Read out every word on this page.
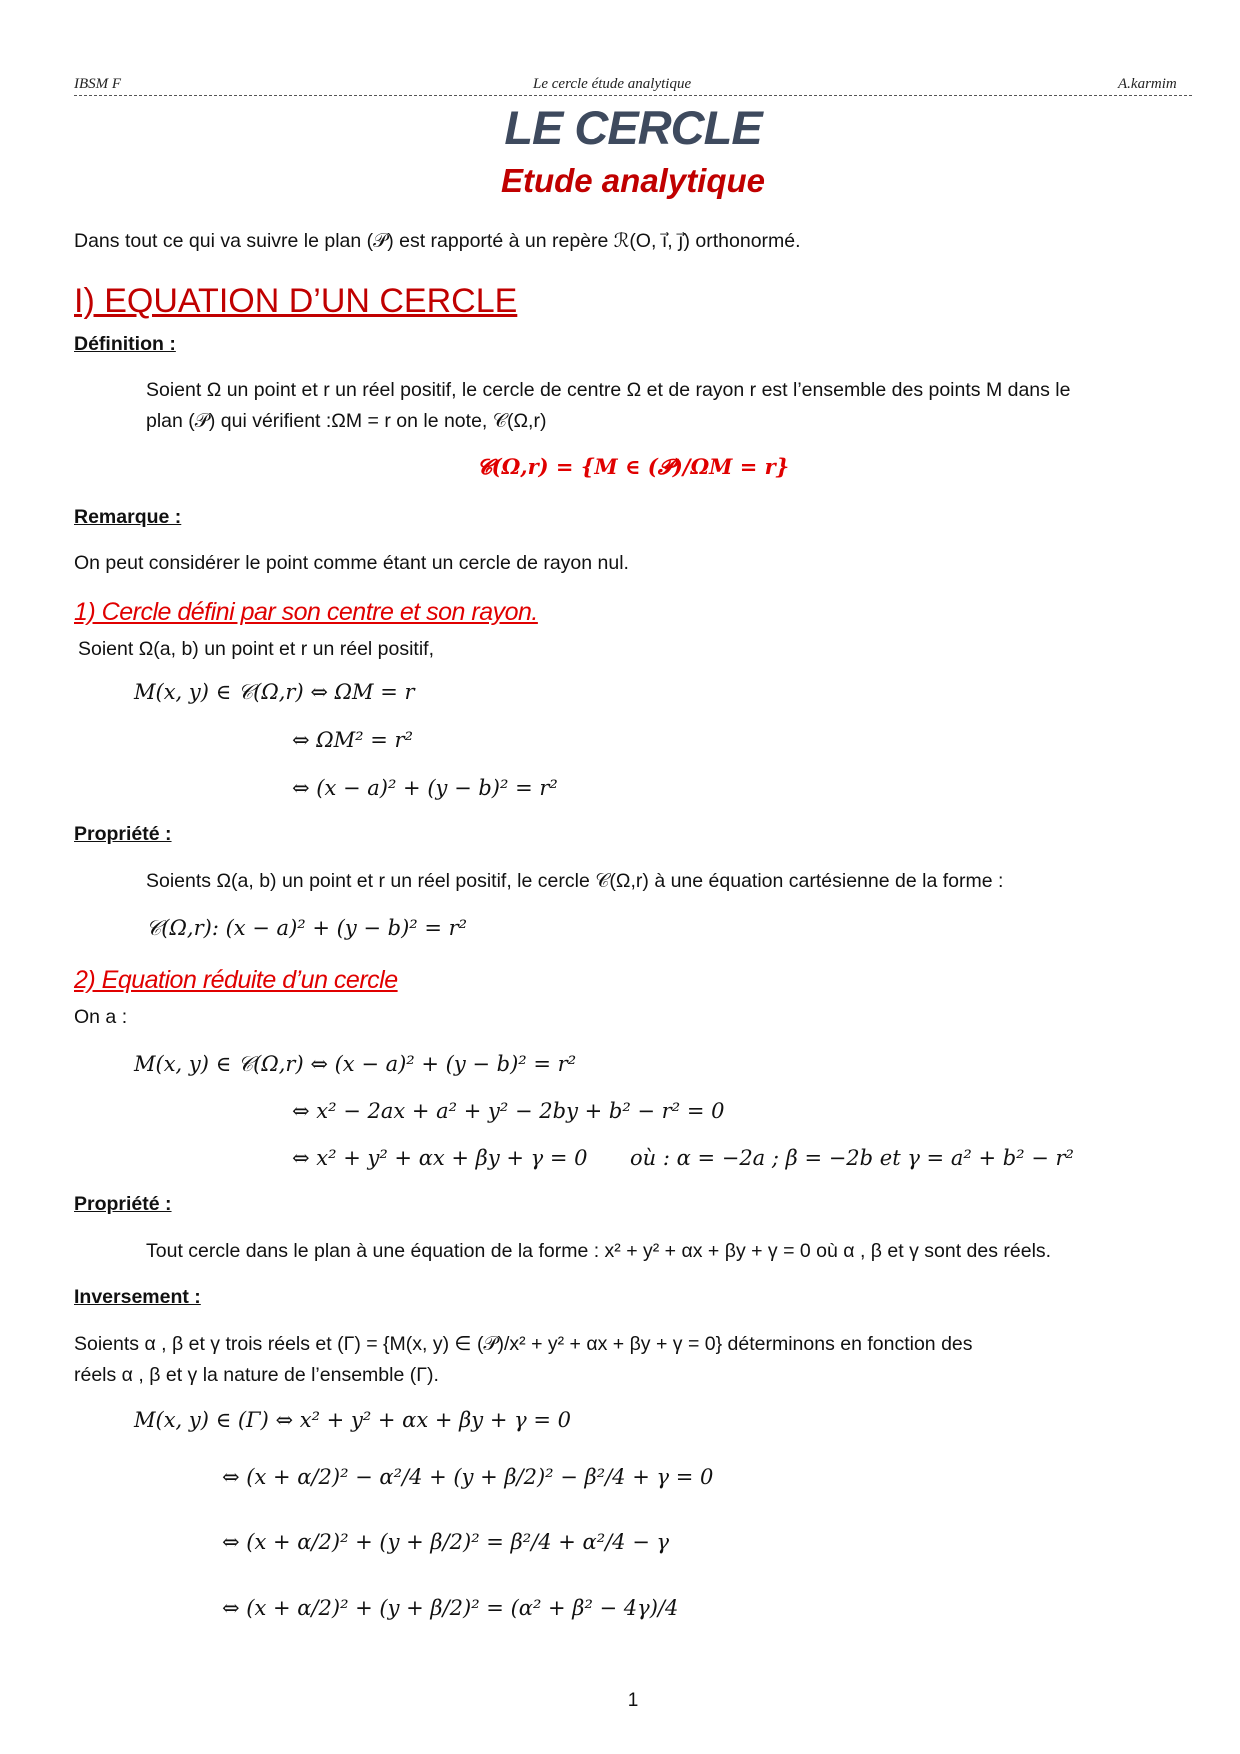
IBSM F	Le cercle étude analytique	A.karmim
LE CERCLE
Etude analytique
Dans tout ce qui va suivre le plan (𝒫) est rapporté à un repère ℛ(O, i⃗, j⃗) orthonormé.
I) EQUATION D’UN CERCLE
Définition :
Soient Ω un point et r un réel positif, le cercle de centre Ω et de rayon r est l’ensemble des points M dans le
plan (𝒫) qui vérifient :ΩM = r on le note, 𝒞(Ω,r)
𝓒(Ω,r) = {M ∈ (𝓟)/ΩM = r}
Remarque :
On peut considérer le point comme étant un cercle de rayon nul.
1) Cercle défini par son centre et son rayon.
Soient Ω(a, b) un point et r un réel positif,
M(x, y) ∈ 𝒞(Ω,r) ⇔ ΩM = r
⇔ ΩM² = r²
⇔ (x − a)² + (y − b)² = r²
Propriété :
Soients Ω(a, b) un point et r un réel positif, le cercle 𝒞(Ω,r) à une équation cartésienne de la forme :
𝒞(Ω,r): (x − a)² + (y − b)² = r²
2) Equation réduite d’un cercle
On a :
M(x, y) ∈ 𝒞(Ω,r) ⇔ (x − a)² + (y − b)² = r²
⇔ x² − 2ax + a² + y² − 2by + b² − r² = 0
⇔ x² + y² + αx + βy + γ = 0 où : α = −2a ; β = −2b et γ = a² + b² − r²
Propriété :
Tout cercle dans le plan à une équation de la forme : x² + y² + αx + βy + γ = 0 où α , β et γ sont des réels.
Inversement :
Soients α , β et γ trois réels et (Γ) = {M(x, y) ∈ (𝒫)/x² + y² + αx + βy + γ = 0} déterminons en fonction des
réels α , β et γ la nature de l’ensemble (Γ).
M(x, y) ∈ (Γ) ⇔ x² + y² + αx + βy + γ = 0
⇔ (x + α/2)² − α²/4 + (y + β/2)² − β²/4 + γ = 0
⇔ (x + α/2)² + (y + β/2)² = β²/4 + α²/4 − γ
⇔ (x + α/2)² + (y + β/2)² = (α² + β² − 4γ)/4
1
